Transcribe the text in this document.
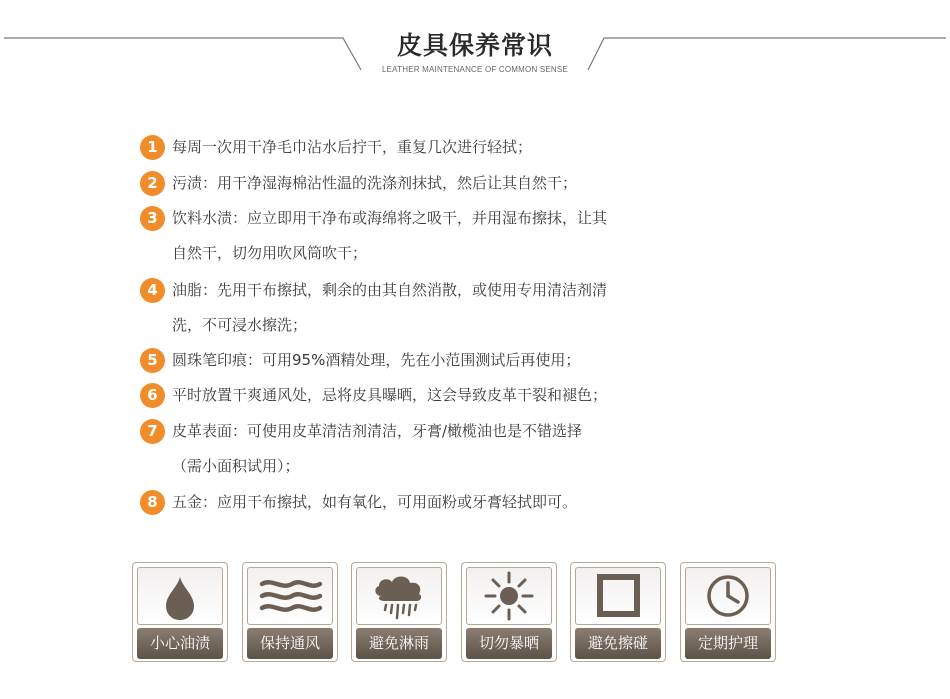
皮具保养常识
LEATHER MAINTENANCE OF COMMON SENSE
1 每周一次用干净毛巾沾水后拧干，重复几次进行轻拭；
2 污渍：用干净湿海棉沾性温的洗涤剂抹拭，然后让其自然干；
3 饮料水渍：应立即用干净布或海绵将之吸干，并用湿布擦抹，让其
自然干，切勿用吹风筒吹干；
4 油脂：先用干布擦拭，剩余的由其自然消散，或使用专用清洁剂清
洗，不可浸水擦洗；
5 圆珠笔印痕：可用95%酒精处理，先在小范围测试后再使用；
6 平时放置干爽通风处，忌将皮具曝晒，这会导致皮革干裂和褪色；
7 皮革表面：可使用皮革清洁剂清洁，牙膏/橄榄油也是不错选择
（需小面积试用）；
8 五金：应用干布擦拭，如有氧化，可用面粉或牙膏轻拭即可。
小心油渍	保持通风	避免淋雨	切勿暴晒	避免擦碰	定期护理
